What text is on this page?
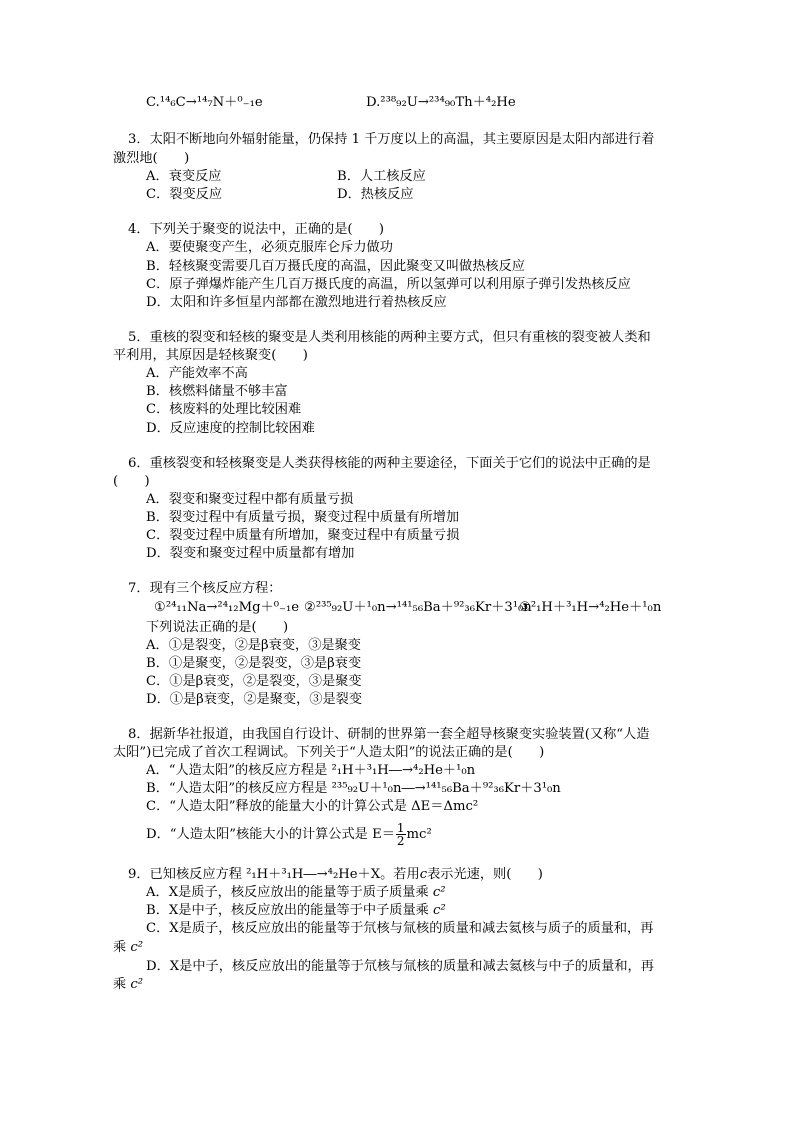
C.¹⁴₆C→¹⁴₇N＋⁰₋₁e	D.²³⁸₉₂U→²³⁴₉₀Th＋⁴₂He
3．太阳不断地向外辐射能量，仍保持 1 千万度以上的高温，其主要原因是太阳内部进行着
激烈地(　　)
A．衰变反应	B．人工核反应
C．裂变反应	D．热核反应
4．下列关于聚变的说法中，正确的是(　　)
A．要使聚变产生，必须克服库仑斥力做功
B．轻核聚变需要几百万摄氏度的高温，因此聚变又叫做热核反应
C．原子弹爆炸能产生几百万摄氏度的高温，所以氢弹可以利用原子弹引发热核反应
D．太阳和许多恒星内部都在激烈地进行着热核反应
5．重核的裂变和轻核的聚变是人类利用核能的两种主要方式，但只有重核的裂变被人类和
平利用，其原因是轻核聚变(　　)
A．产能效率不高
B．核燃料储量不够丰富
C．核废料的处理比较困难
D．反应速度的控制比较困难
6．重核裂变和轻核聚变是人类获得核能的两种主要途径，下面关于它们的说法中正确的是
(　　)
A．裂变和聚变过程中都有质量亏损
B．裂变过程中有质量亏损，聚变过程中质量有所增加
C．裂变过程中质量有所增加，聚变过程中有质量亏损
D．裂变和聚变过程中质量都有增加
7．现有三个核反应方程：
①²⁴₁₁Na→²⁴₁₂Mg＋⁰₋₁e ②²³⁵₉₂U＋¹₀n→¹⁴¹₅₆Ba＋⁹²₃₆Kr＋3¹₀n
③²₁H＋³₁H→⁴₂He＋¹₀n
下列说法正确的是(　　)
A．①是裂变，②是β衰变，③是聚变
B．①是聚变，②是裂变，③是β衰变
C．①是β衰变，②是裂变，③是聚变
D．①是β衰变，②是聚变，③是裂变
8．据新华社报道，由我国自行设计、研制的世界第一套全超导核聚变实验装置(又称“人造
太阳”)已完成了首次工程调试。下列关于“人造太阳”的说法正确的是(　　)
A．“人造太阳”的核反应方程是 ²₁H＋³₁H―→⁴₂He＋¹₀n
B．“人造太阳”的核反应方程是 ²³⁵₉₂U＋¹₀n―→¹⁴¹₅₆Ba＋⁹²₃₆Kr＋3¹₀n
C．“人造太阳”释放的能量大小的计算公式是 ΔE＝Δmc²
D．“人造太阳”核能大小的计算公式是 $E= \frac{1}{2} mc^2$
9．已知核反应方程 ²₁H＋³₁H―→⁴₂He＋X。若用c表示光速，则(　　)
A．X是质子，核反应放出的能量等于质子质量乘 c²
B．X是中子，核反应放出的能量等于中子质量乘 c²
C．X是质子，核反应放出的能量等于氘核与氚核的质量和减去氦核与质子的质量和，再
乘 c²
D．X是中子，核反应放出的能量等于氘核与氚核的质量和减去氦核与中子的质量和，再
乘 c²
